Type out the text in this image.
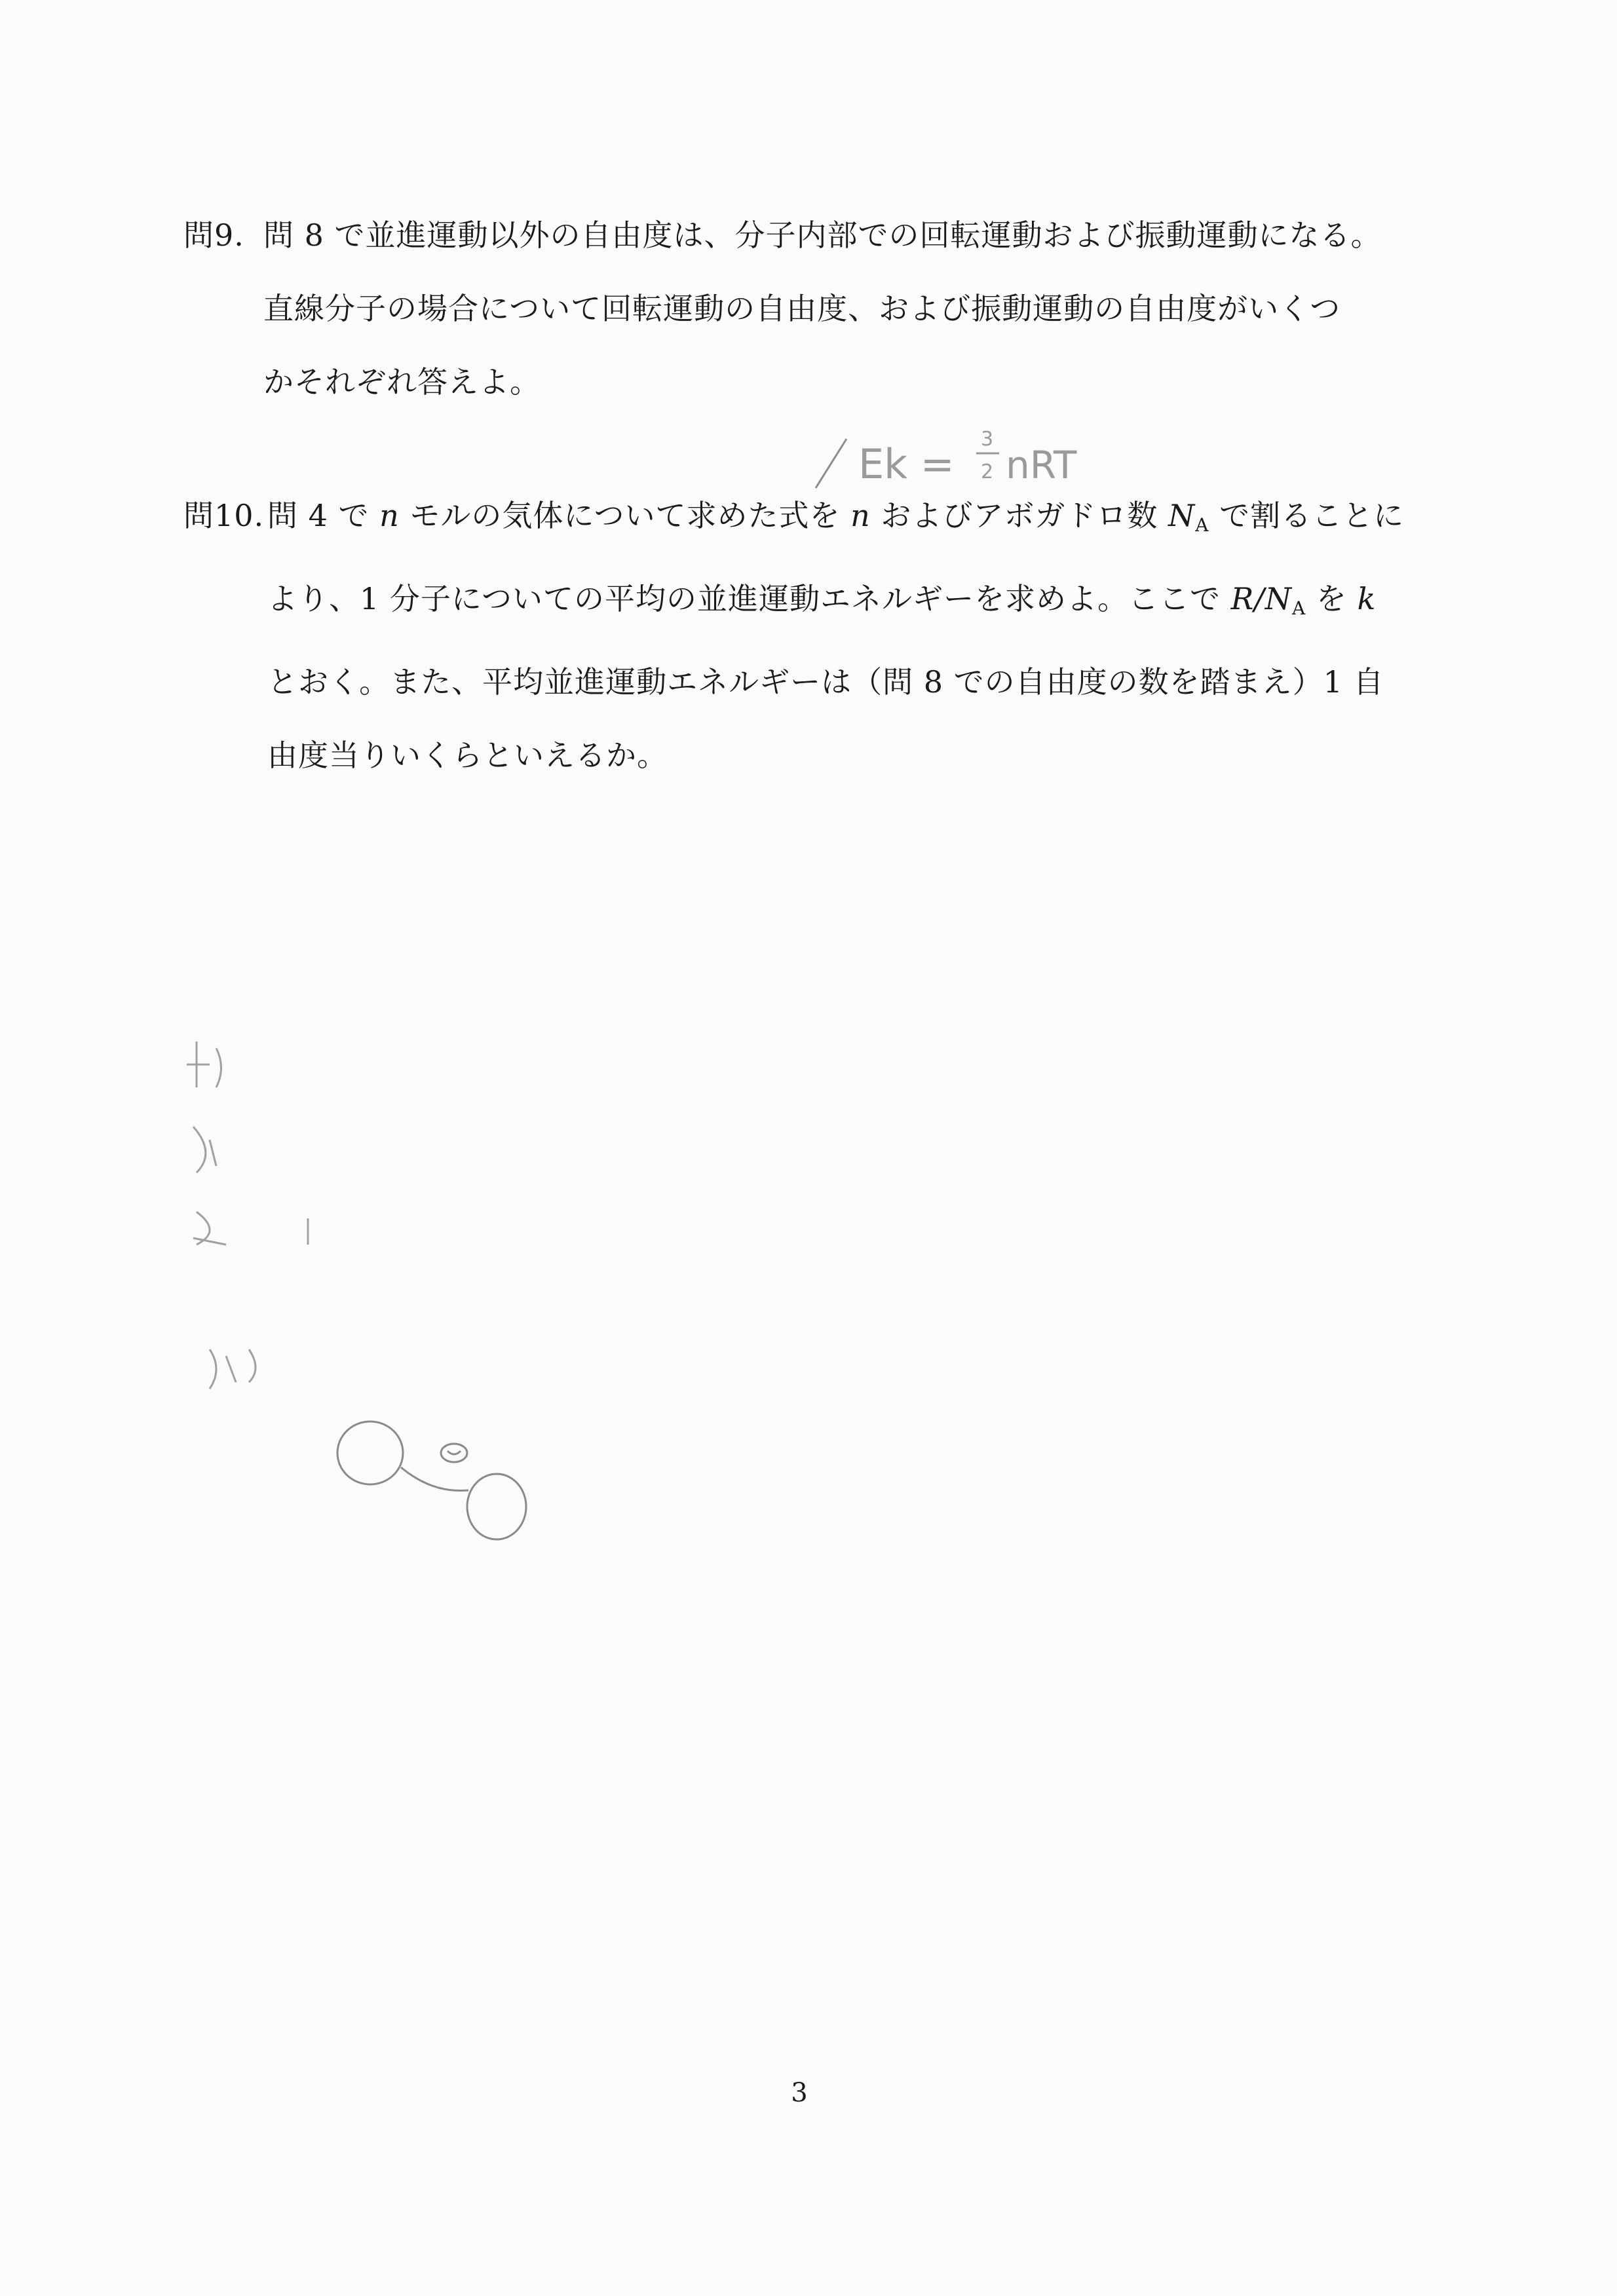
問9. 問 8 で並進運動以外の自由度は、分子内部での回転運動および振動運動になる。
直線分子の場合について回転運動の自由度、および振動運動の自由度がいくつ
かそれぞれ答えよ。
問10. 問 4 で n モルの気体について求めた式を n およびアボガドロ数 $N_A$ で割ることに
より、1 分子についての平均の並進運動エネルギーを求めよ。ここで $R/N_A$ を k
とおく。また、平均並進運動エネルギーは（問 8 での自由度の数を踏まえ）1 自
由度当りいくらといえるか。
Ek =
3
2 nRT
3
